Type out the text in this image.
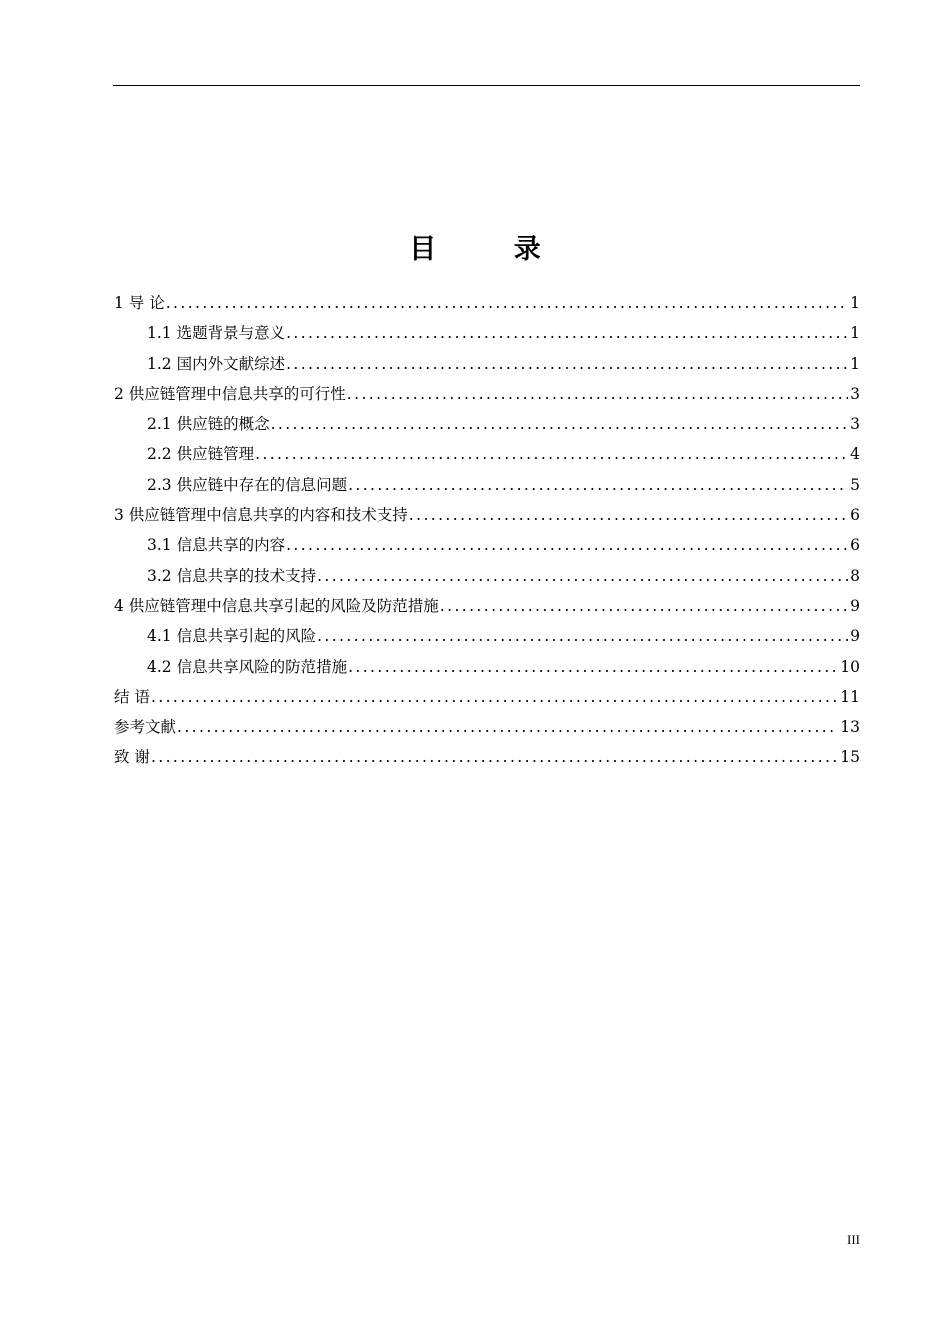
目 录
1 导 论 .....	1
1.1 选题背景与意义 .....	1
1.2 国内外文献综述 .....	1
2 供应链管理中信息共享的可行性 .....	3
2.1 供应链的概念 .....	3
2.2 供应链管理 .....	4
2.3 供应链中存在的信息问题 .....	5
3 供应链管理中信息共享的内容和技术支持 .....	6
3.1 信息共享的内容 .....	6
3.2 信息共享的技术支持 .....	8
4 供应链管理中信息共享引起的风险及防范措施 .....	9
4.1 信息共享引起的风险 .....	9
4.2 信息共享风险的防范措施 .....	10
结 语 .....	11
参考文献 .....	13
致 谢 .....	15
III
